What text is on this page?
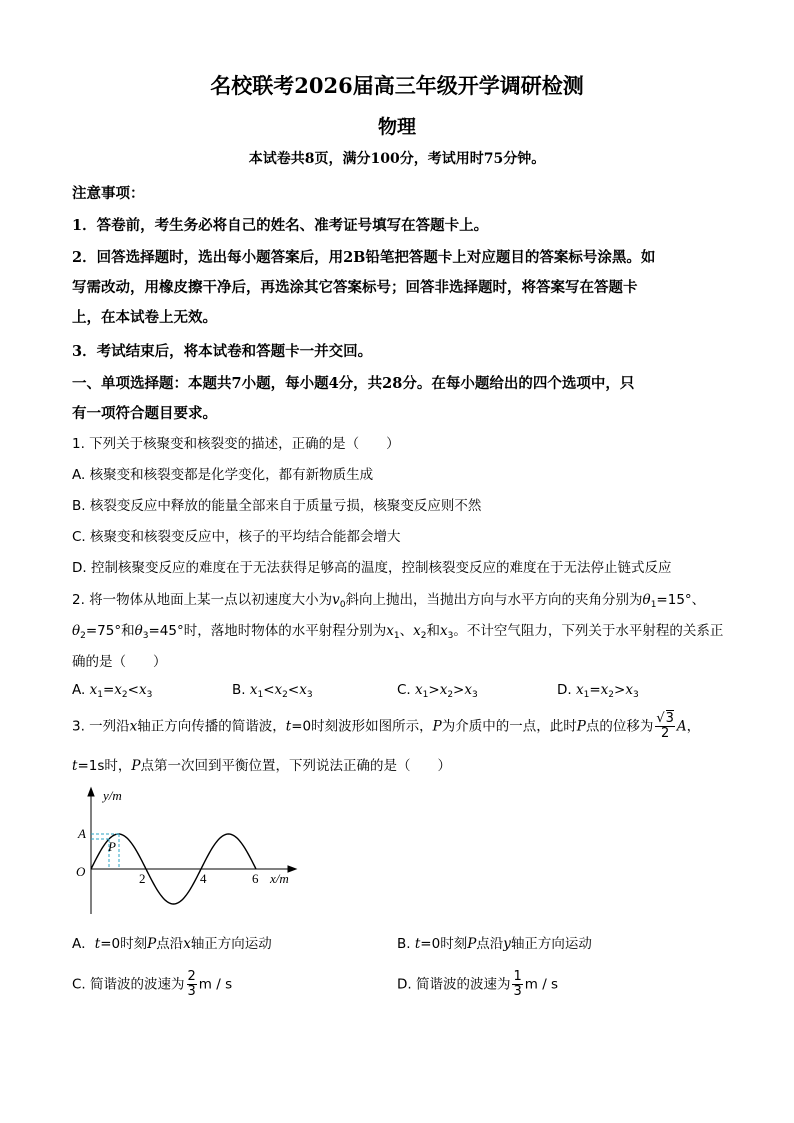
名校联考2026届高三年级开学调研检测
物理
本试卷共8页，满分100分，考试用时75分钟。
注意事项：
1．答卷前，考生务必将自己的姓名、准考证号填写在答题卡上。
2．回答选择题时，选出每小题答案后，用2B铅笔把答题卡上对应题目的答案标号涂黑。如
写需改动，用橡皮擦干净后，再选涂其它答案标号；回答非选择题时，将答案写在答题卡
上，在本试卷上无效。
3．考试结束后，将本试卷和答题卡一并交回。
一、单项选择题：本题共7小题，每小题4分，共28分。在每小题给出的四个选项中，只
有一项符合题目要求。
1. 下列关于核聚变和核裂变的描述，正确的是（　　）
A. 核聚变和核裂变都是化学变化，都有新物质生成
B. 核裂变反应中释放的能量全部来自于质量亏损，核聚变反应则不然
C. 核聚变和核裂变反应中，核子的平均结合能都会增大
D. 控制核聚变反应的难度在于无法获得足够高的温度，控制核裂变反应的难度在于无法停止链式反应
2. 将一物体从地面上某一点以初速度大小为$v_0$斜向上抛出，当抛出方向与水平方向的夹角分别为$\theta_1=15^\circ$、
$\theta_2=75^\circ$和$\theta_3=45^\circ$时，落地时物体的水平射程分别为$x_1$、$x_2$和$x_3$。不计空气阻力，下列关于水平射程的关系正
确的是（　　）
A. $x_1=x_2<x_3$	B. $x_1<x_2<x_3$	C. $x_1>x_2>x_3$	D. $x_1=x_2>x_3$
3. 一列沿x轴正方向传播的简谐波，t=0时刻波形如图所示，P为介质中的一点，此时P点的位移为 $\frac{√3}{2}$ A，
t=1s时，P点第一次回到平衡位置，下列说法正确的是（　　）
y/m
A
P
O	2	4	6 x/m
A．t=0时刻P点沿x轴正方向运动	B. t=0时刻P点沿y轴正方向运动
C. 简谐波的波速为 $\frac{2}{3}$ m / s	D. 简谐波的波速为 $\frac{1}{3}$ m / s
